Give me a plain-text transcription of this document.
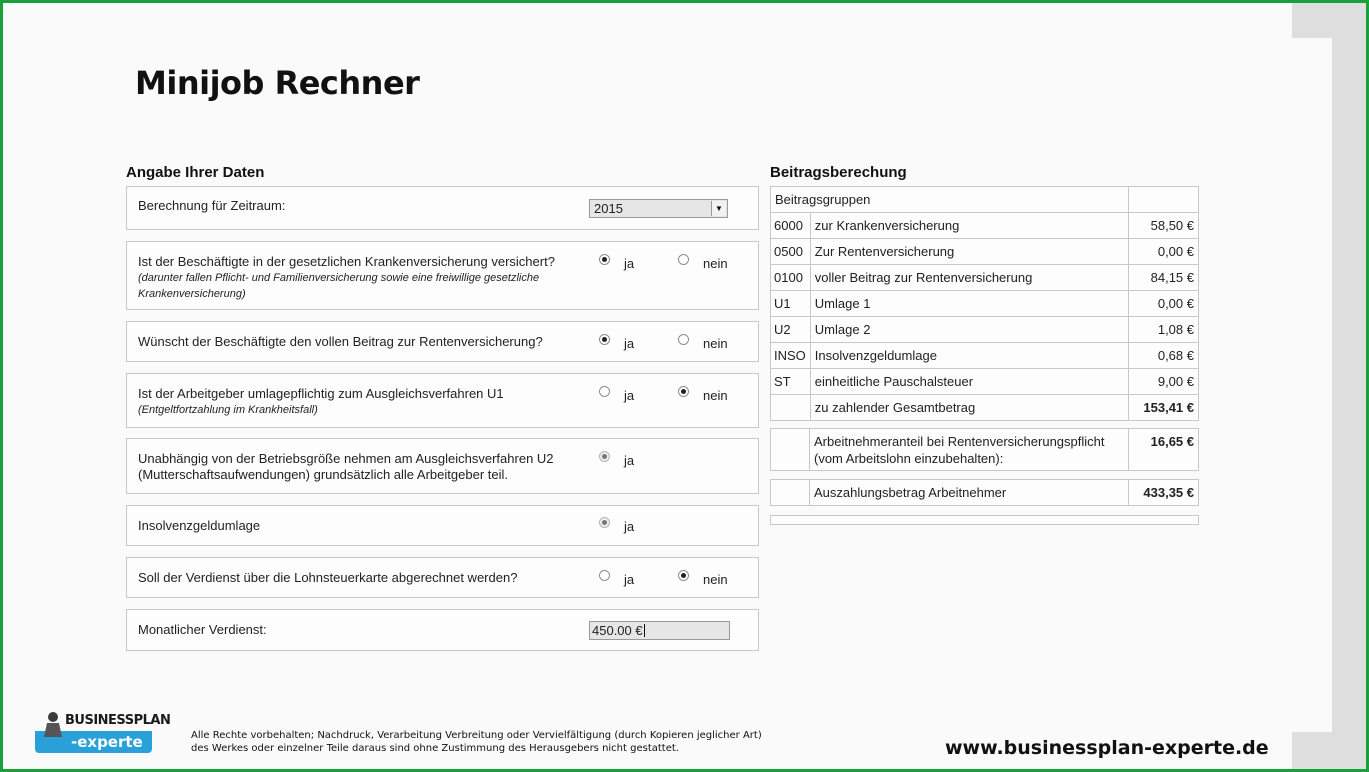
Minijob Rechner
Angabe Ihrer Daten
Berechnung für Zeitraum:	2015	▼
Ist der Beschäftigte in der gesetzlichen Krankenversicherung versichert?
(darunter fallen Pflicht- und Familienversicherung sowie eine freiwillige gesetzliche Krankenversicherung)
ja	nein
Wünscht der Beschäftigte den vollen Beitrag zur Rentenversicherung?	ja	nein
Ist der Arbeitgeber umlagepflichtig zum Ausgleichsverfahren U1
(Entgeltfortzahlung im Krankheitsfall)
ja	nein
Unabhängig von der Betriebsgröße nehmen am Ausgleichsverfahren U2
(Mutterschaftsaufwendungen) grundsätzlich alle Arbeitgeber teil.
ja
Insolvenzgeldumlage	ja
Soll der Verdienst über die Lohnsteuerkarte abgerechnet werden?	ja	nein
Monatlicher Verdienst:	450.00 €
Beitragsberechung
Beitragsgruppen		
6000	zur Krankenversicherung	58,50 €
0500	Zur Rentenversicherung	0,00 €
0100	voller Beitrag zur Rentenversicherung	84,15 €
U1	Umlage 1	0,00 €
U2	Umlage 2	1,08 €
INSO	Insolvenzgeldumlage	0,68 €
ST	einheitliche Pauschalsteuer	9,00 €
	zu zahlender Gesamtbetrag	153,41 €

Arbeitnehmeranteil bei Rentenversicherungspflicht
(vom Arbeitslohn einzubehalten):
	16,65 €
	Auszahlungsbetrag Arbeitnehmer	433,35 €
BUSINESSPLAN
-experte	Alle Rechte vorbehalten; Nachdruck, Verarbeitung Verbreitung oder Vervielfältigung (durch Kopieren jeglicher Art)
des Werkes oder einzelner Teile daraus sind ohne Zustimmung des Herausgebers nicht gestattet.	www.businessplan-experte.de
